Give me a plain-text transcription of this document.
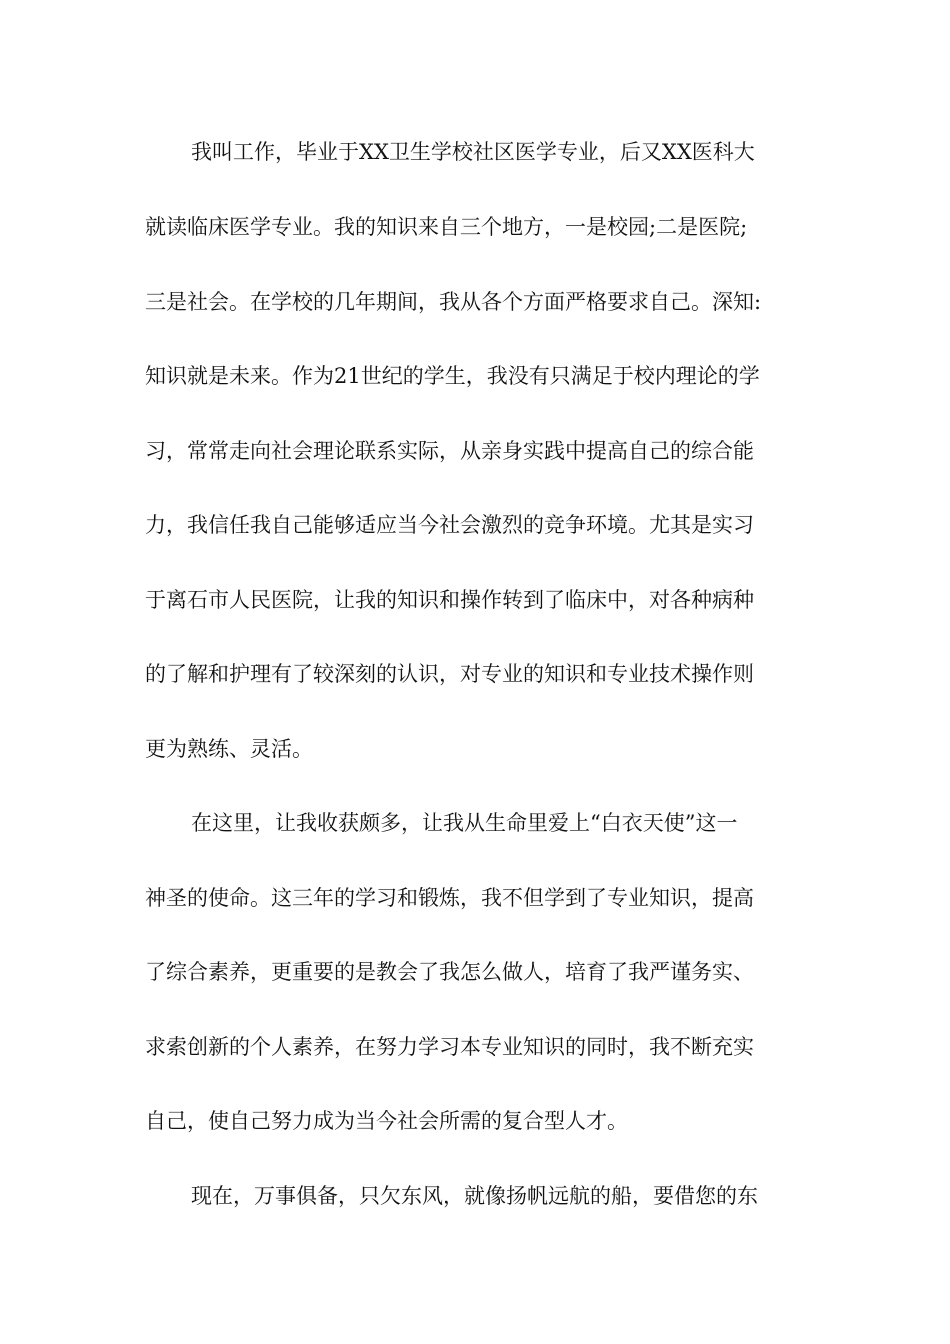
我叫工作，毕业于XX卫生学校社区医学专业，后又XX医科大
就读临床医学专业。我的知识来自三个地方，一是校园;二是医院;
三是社会。在学校的几年期间，我从各个方面严格要求自己。深知:
知识就是未来。作为21世纪的学生，我没有只满足于校内理论的学
习，常常走向社会理论联系实际，从亲身实践中提高自己的综合能
力，我信任我自己能够适应当今社会激烈的竞争环境。尤其是实习
于离石市人民医院，让我的知识和操作转到了临床中，对各种病种
的了解和护理有了较深刻的认识，对专业的知识和专业技术操作则
更为熟练、灵活。
在这里，让我收获颇多，让我从生命里爱上“白衣天使”这一
神圣的使命。这三年的学习和锻炼，我不但学到了专业知识，提高
了综合素养，更重要的是教会了我怎么做人，培育了我严谨务实、
求索创新的个人素养，在努力学习本专业知识的同时，我不断充实
自己，使自己努力成为当今社会所需的复合型人才。
现在，万事俱备，只欠东风，就像扬帆远航的船，要借您的东
